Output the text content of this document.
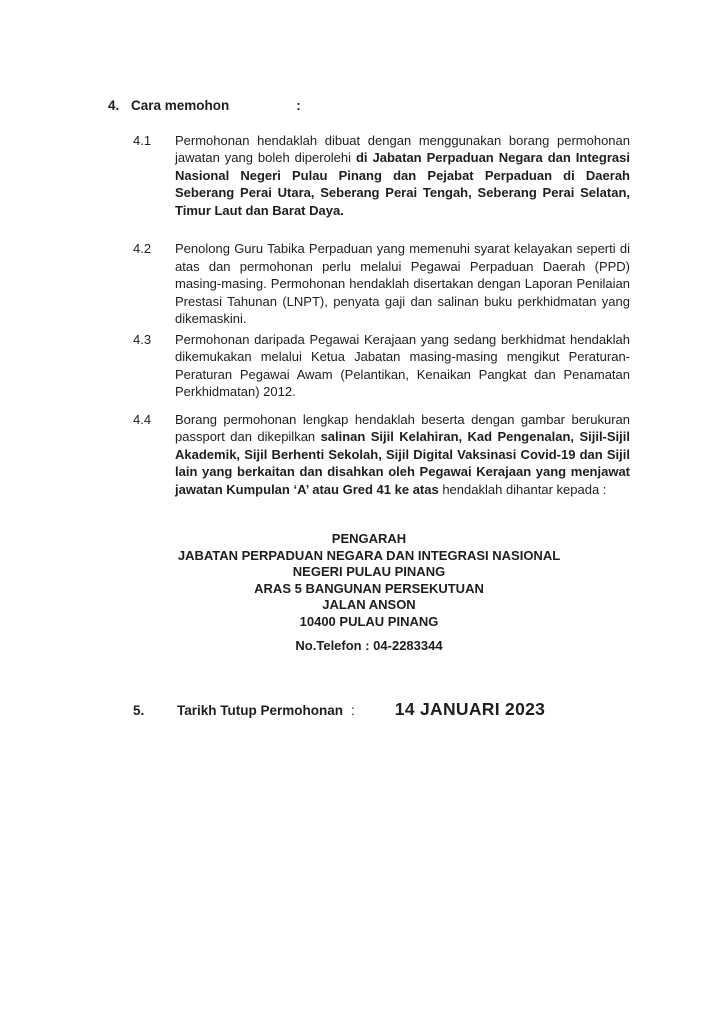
4. Cara memohon	:
4.1	Permohonan hendaklah dibuat dengan menggunakan borang permohonan jawatan yang boleh diperolehi di Jabatan Perpaduan Negara dan Integrasi Nasional Negeri Pulau Pinang dan Pejabat Perpaduan di Daerah Seberang Perai Utara, Seberang Perai Tengah, Seberang Perai Selatan, Timur Laut dan Barat Daya.

4.2	Penolong Guru Tabika Perpaduan yang memenuhi syarat kelayakan seperti di atas dan permohonan perlu melalui Pegawai Perpaduan Daerah (PPD) masing-masing. Permohonan hendaklah disertakan dengan Laporan Penilaian Prestasi Tahunan (LNPT), penyata gaji dan salinan buku perkhidmatan yang dikemaskini.

4.3	Permohonan daripada Pegawai Kerajaan yang sedang berkhidmat hendaklah dikemukakan melalui Ketua Jabatan masing-masing mengikut Peraturan-Peraturan Pegawai Awam (Pelantikan, Kenaikan Pangkat dan Penamatan Perkhidmatan) 2012.

4.4	Borang permohonan lengkap hendaklah beserta dengan gambar berukuran passport dan dikepilkan salinan Sijil Kelahiran, Kad Pengenalan, Sijil-Sijil Akademik, Sijil Berhenti Sekolah, Sijil Digital Vaksinasi Covid-19 dan Sijil lain yang berkaitan dan disahkan oleh Pegawai Kerajaan yang menjawat jawatan Kumpulan ‘A’ atau Gred 41 ke atas hendaklah dihantar kepada :

PENGARAH
JABATAN PERPADUAN NEGARA DAN INTEGRASI NASIONAL
NEGERI PULAU PINANG
ARAS 5 BANGUNAN PERSEKUTUAN
JALAN ANSON
10400 PULAU PINANG
No.Telefon : 04-2283344
5.	Tarikh Tutup Permohonan : 14 JANUARI 2023
